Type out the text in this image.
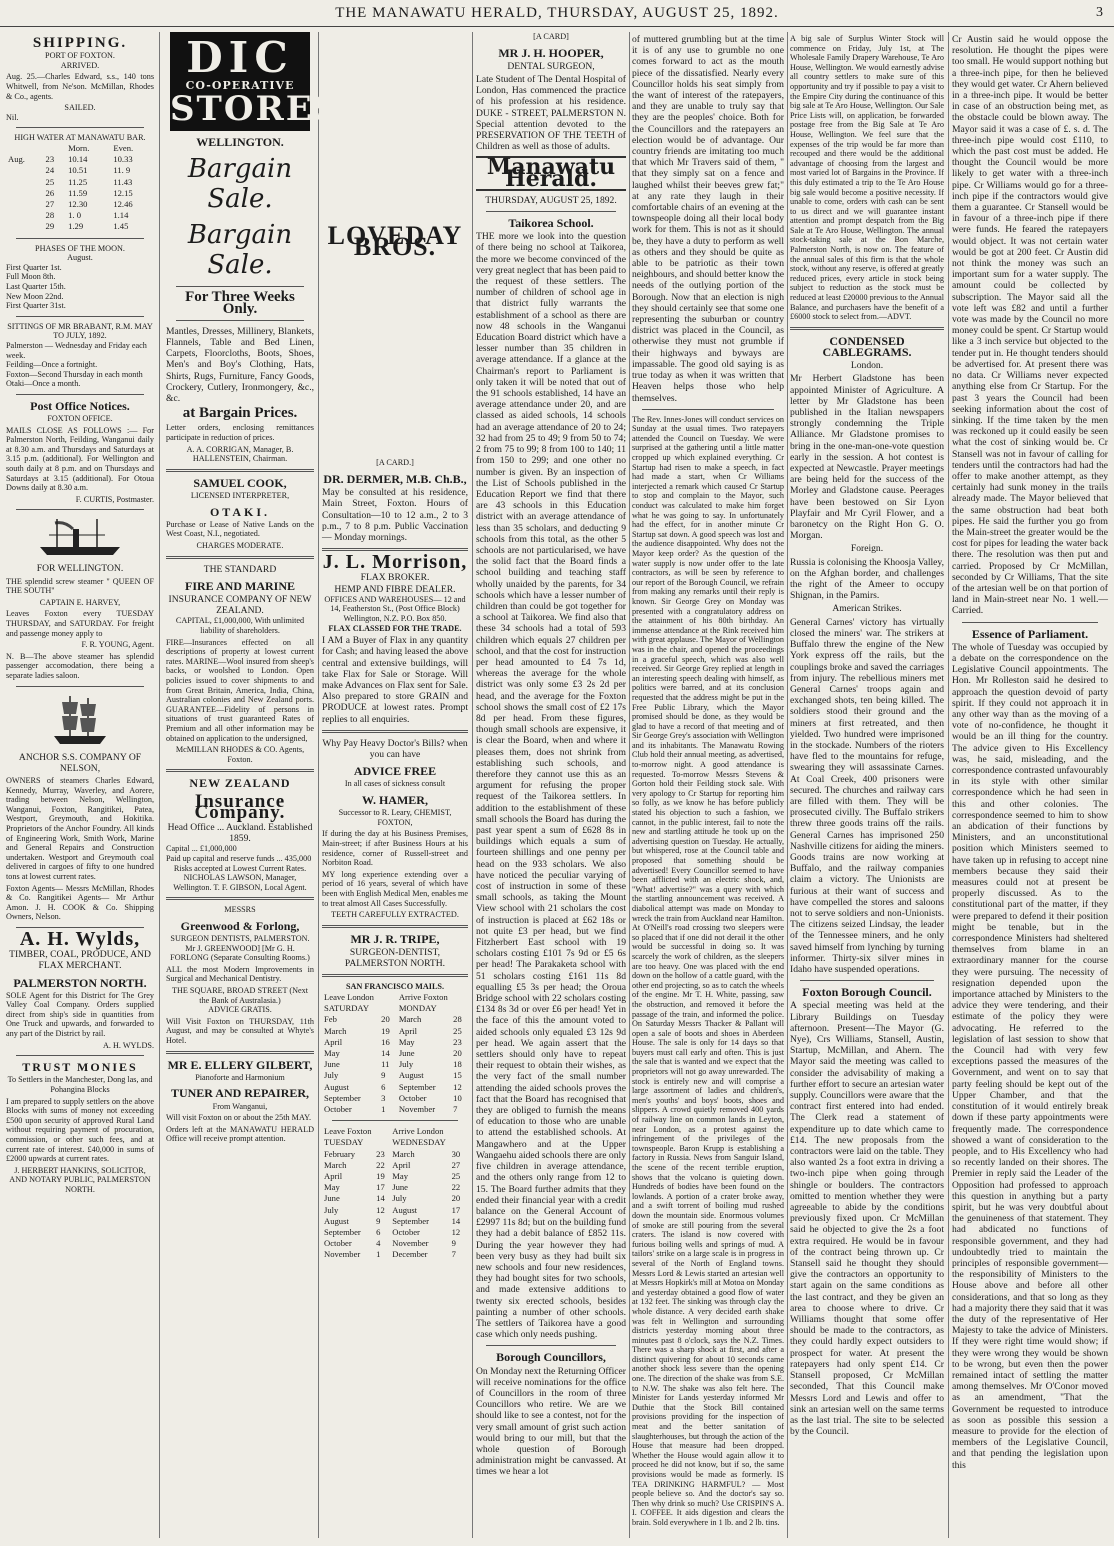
THE MANAWATU HERALD, THURSDAY, AUGUST 25, 1892.	3
SHIPPING.
PORT OF FOXTON.
ARRIVED.

Aug. 25.—Charles Edward, s.s., 140 tons Whitwell, from Ne'son. McMillan, Rhodes & Co., agents.

SAILED.
Nil.
HIGH WATER AT MANAWATU BAR.
		Morn.	Even.
Aug.	23	10.14	10.33
	24	10.51	11. 9
	25	11.25	11.43
	26	11.59	12.15
	27	12.30	12.46
	28	1. 0	1.14
	29	1.29	1.45
PHASES OF THE MOON.
August.
First Quarter 1st.
Full Moon 8th.
Last Quarter 15th.
New Moon 22nd.
First Quarter 31st.
SITTINGS OF MR BRABANT, R.M. MAY TO JULY, 1892.
Palmerston — Wednesday and Friday each week.
Feilding—Once a fortnight.
Foxton—Second Thursday in each month
Otaki—Once a month.
Post Office Notices.
FOXTON OFFICE.

MAILS CLOSE AS FOLLOWS :— For Palmerston North, Feilding, Wanganui daily at 8.30 a.m. and Thursdays and Saturdays at 3.15 p.m. (additional). For Wellington and south daily at 8 p.m. and on Thursdays and Saturdays at 3.15 (additional). For Otoua Downs daily at 8.30 a.m.

F. CURTIS, Postmaster.
FOR WELLINGTON.

THE splendid screw steamer " QUEEN OF THE SOUTH"

CAPTAIN E. HARVEY,

Leaves Foxton every TUESDAY THURSDAY, and SATURDAY. For freight and passenge money apply to

F. R. YOUNG, Agent.

N. B—The above steamer has splendid passenger accomodation, there being a separate ladies saloon.

ANCHOR S.S. COMPANY OF NELSON,

OWNERS of steamers Charles Edward, Kennedy, Murray, Waverley, and Aorere, trading between Nelson, Wellington, Wanganui, Foxton, Rangitikei, Patea, Westport, Greymouth, and Hokitika. Proprietors of the Anchor Foundry. All kinds of Engineering Work, Smith Work, Marine and General Repairs and Construction undertaken. Westport and Greymouth coal delivered in cargoes of fifty to one hundred tons at lowest current rates.

Foxton Agents— Messrs McMillan, Rhodes & Co. Rangitikei Agents— Mr Arthur Amon. J. H. COOK & Co. Shipping Owners, Nelson.

A. H. Wylds,
TIMBER, COAL, PRODUCE, AND FLAX MERCHANT.
PALMERSTON NORTH.

SOLE Agent for this District for The Grey Valley Coal Company. Orders supplied direct from ship's side in quantities from One Truck and upwards, and forwarded to any part of the District by rail.

A. H. WYLDS.
TRUST MONIES
To Settlers in the Manchester, Dong las, and Pohangina Blocks

I am prepared to supply settlers on the above Blocks with sums of money not exceeding £500 upon security of approved Rural Land without requiring payment of procuration, commission, or other such fees, and at current rate of interest. £40,000 in sums of £2000 upwards at current rates.

J. HERBERT HANKINS, SOLICITOR, AND NOTARY PUBLIC, PALMERSTON NORTH.
DIC
CO-OPERATIVE
STORES
WELLINGTON.
Bargain Sale.
Bargain Sale.
For Three Weeks Only.

Mantles, Dresses, Millinery, Blankets, Flannels, Table and Bed Linen, Carpets, Floorcloths, Boots, Shoes, Men's and Boy's Clothing, Hats, Shirts, Rugs, Furniture, Fancy Goods, Crockery, Cutlery, Ironmongery, &c., &c.

at Bargain Prices.

Letter orders, enclosing remittances participate in reduction of prices.

A. A. CORRIGAN, Manager, B. HALLENSTEIN, Chairman.
SAMUEL COOK,
LICENSED INTERPRETER,
OTAKI.

Purchase or Lease of Native Lands on the West Coast, N.I., negotiated.

CHARGES MODERATE.
THE STANDARD
FIRE AND MARINE
INSURANCE COMPANY OF NEW ZEALAND.
CAPITAL, £1,000,000, With unlimited liability of shareholders.

FIRE—Insurances effected on all descriptions of property at lowest current rates. MARINE—Wool insured from sheep's backs, or woolshed to London. Open policies issued to cover shipments to and from Great Britain, America, India, China, Australian colonies and New Zealand ports. GUARANTEE—Fidelity of persons in situations of trust guaranteed Rates of Premium and all other information may be obtained on application to the undersigned,

McMILLAN RHODES & CO. Agents, Foxton.
NEW ZEALAND
Insurance Company.
Head Office ... Auckland. Established 1859.
Capital ... £1,000,000
Paid up capital and reserve funds ... 435,000
Risks accepted at Lowest Current Rates.
NICHOLAS LAWSON, Manager, Wellington. T. F. GIBSON, Local Agent.
MESSRS
Greenwood & Forlong,
SURGEON DENTISTS, PALMERSTON.
Mr J. GREENWOOD] [Mr G. H. FORLONG (Separate Consulting Rooms.)

ALL the most Modern Improvements in Surgical and Mechanical Dentistry.

THE SQUARE, BROAD STREET (Next the Bank of Australasia.)
ADVICE GRATIS.

Will Visit Foxton on THURSDAY, 11th August, and may be consulted at Whyte's Hotel.

MR E. ELLERY GILBERT,
Pianoforte and Harmonium
TUNER AND REPAIRER,
From Wanganui,

Will visit Foxton on or about the 25th MAY.

Orders left at the MANAWATU HERALD Office will receive prompt attention.

LOVEDAY BROS.
[A CARD.]
DR. DERMER, M.B. Ch.B.,

May be consulted at his residence, Main Street, Foxton. Hours of Consultation—10 to 12 a.m., 2 to 3 p.m., 7 to 8 p.m. Public Vaccination — Monday mornings.

J. L. Morrison,
FLAX BROKER.
HEMP AND FIBRE DEALER.
OFFICES AND WAREHOUSES— 12 and 14, Featherston St., (Post Office Block) Wellington, N.Z. P.O. Box 850.
FLAX CLASSED FOR THE TRADE.

I AM a Buyer of Flax in any quantity for Cash; and having leased the above central and extensive buildings, will take Flax for Sale or Storage. Will make Advances on Flax sent for Sale. Also prepared to store GRAIN and PRODUCE at lowest rates. Prompt replies to all enquiries.

Why Pay Heavy Doctor's Bills? when you can have
ADVICE FREE
In all cases of sickness consult
W. HAMER,
Successor to R. Leary, CHEMIST, FOXTON,

If during the day at his Business Premises, Main-street; if after Business Hours at his residence, corner of Russell-street and Norbiton Road.

MY long experience extending over a period of 16 years, several of which have been with English Medical Men, enables me to treat almost All Cases Successfully.

TEETH CAREFULLY EXTRACTED.
MR J. R. TRIPE,
SURGEON-DENTIST,
PALMERSTON NORTH.
SAN FRANCISCO MAILS.
Leave London SATURDAY		Arrive Foxton MONDAY	
Feb	20	March	28
March	19	April	25
April	16	May	23
May	14	June	20
June	11	July	18
July	9	August	15
August	6	September	12
September	3	October	10
October	1	November	7
Leave Foxton TUESDAY		Arrive London WEDNESDAY	
February	23	March	30
March	22	April	27
April	19	May	25
May	17	June	22
June	14	July	20
July	12	August	17
August	9	September	14
September	6	October	12
October	4	November	9
November	1	December	7
[A CARD]
MR J. H. HOOPER,
DENTAL SURGEON,

Late Student of The Dental Hospital of London, Has commenced the practice of his profession at his residence. DUKE - STREET, PALMERSTON N. Special attention devoted to the PRESERVATION OF THE TEETH of Children as well as those of adults.

Manawatu Herald.
THURSDAY, AUGUST 25, 1892.
Taikorea School.

THE more we look into the question of there being no school at Taikorea, the more we become convinced of the very great neglect that has been paid to the request of these settlers. The number of children of school age in that district fully warrants the establishment of a school as there are now 48 schools in the Wanganui Education Board district which have a lesser number than 35 children in average attendance. If a glance at the Chairman's report to Parliament is only taken it will be noted that out of the 91 schools established, 14 have an average attendance under 20, and are classed as aided schools, 14 schools had an average attendance of 20 to 24; 32 had from 25 to 49; 9 from 50 to 74; 2 from 75 to 99; 8 from 100 to 140; 11 from 150 to 299; and one other no number is given. By an inspection of the List of Schools published in the Education Report we find that there are 43 schools in this Education district with an average attendance of less than 35 scholars, and deducting 9 schools from this total, as the other 5 schools are not particularised, we have the solid fact that the Board finds a school building and teaching staff wholly unaided by the parents, for 34 schools which have a lesser number of children than could be got together for a school at Taikorea. We find also that these 34 schools had a total of 593 children which equals 27 children per school, and that the cost for instruction per head amounted to £4 7s 1d, whereas the average for the whole district was only some £3 2s 2d per head, and the average for the Foxton school shows the small cost of £2 17s 8d per head. From these figures, though small schools are expensive, it is clear the Board, when and where it pleases them, does not shrink from establishing such schools, and therefore they cannot use this as an argument for refusing the proper request of the Taikorea settlers. In addition to the establishment of these small schools the Board has during the past year spent a sum of £628 8s in buildings which equals a sum of fourteen shillings and one penny per head on the 933 scholars. We also have noticed the peculiar varying of cost of instruction in some of these small schools, as taking the Mount View school with 21 scholars the cost of instruction is placed at £62 18s or not quite £3 per head, but we find Fitzherbert East school with 19 scholars costing £101 7s 9d or £5 6s per head! The Parakaketa school with 51 scholars costing £161 11s 8d equalling £5 3s per head; the Oroua Bridge school with 22 scholars costing £134 8s 3d or over £6 per head! Yet in the face of this the amount voted to aided schools only equaled £3 12s 9d per head. We again assert that the settlers should only have to repeat their request to obtain their wishes, as the very fact of the small number attending the aided schools proves the fact that the Board has recognised that they are obliged to furnish the means of education to those who are unable to attend the established schools. At Mangawhero and at the Upper Wangaehu aided schools there are only five children in average attendance, and the others only range from 12 to 15. The Board further admits that they ended their financial year with a credit balance on the General Account of £2997 11s 8d; but on the building fund they had a debit balance of £852 11s. During the year however they had been very busy as they had built six new schools and four new residences, they had bought sites for two schools, and made extensive additions to twenty six erected schools, besides painting a number of other schools. The settlers of Taikorea have a good case which only needs pushing.

Borough Councillors,

On Monday next the Returning Officer will receive nominations for the office of Councillors in the room of three Councillors who retire. We are we should like to see a contest, not for the very small amount of grist such action would bring to our mill, but that the whole question of Borough administration might be canvassed. At times we hear a lot

of muttered grumbling but at the time it is of any use to grumble no one comes forward to act as the mouth piece of the dissatisfied. Nearly every Councillor holds his seat simply from the want of interest of the ratepayers, and they are unable to truly say that they are the peoples' choice. Both for the Councillors and the ratepayers an election would be of advantage. Our country friends are imitating too much that which Mr Travers said of them, " that they simply sat on a fence and laughed whilst their beeves grew fat;" at any rate they laugh in their comfortable chairs of an evening at the townspeople doing all their local body work for them. This is not as it should be, they have a duty to perform as well as others and they should be quite as able to be patriotic as their town neighbours, and should better know the needs of the outlying portion of the Borough. Now that an election is nigh they should certainly see that some one representing the suburban or country district was placed in the Council, as otherwise they must not grumble if their highways and byways are impassable. The good old saying is as true today as when it was written that Heaven helps those who help themselves.

The Rev. Innes-Jones will conduct services on Sunday at the usual times. Two ratepayers attended the Council on Tuesday. We were surprised at the gathering until a little matter cropped up which explained everything. Cr Startup had risen to make a speech, in fact had made a start, when Cr Williams interjected a remark which caused Cr Startup to stop and complain to the Mayor, such conduct was calculated to make him forget what he was going to say. In unfortunately had the effect, for in another minute Cr Startup sat down. A good speech was lost and the audience disappointed. Why does not the Mayor keep order? As the question of the water supply is now under offer to the late contractors, as will be seen by reference to our report of the Borough Council, we refrain from making any remarks until their reply is known. Sir George Grey on Monday was presented with a congratulatory address on the attainment of his 80th birthday. An immense attendance at the Rink received him with great applause. The Mayor of Wellington was in the chair, and opened the proceedings in a graceful speech, which was also well received. Sir George Grey replied at length in an interesting speech dealing with himself, as politics were barred, and at its conclusion requested that the address might be put in the Free Public Library, which the Mayor promised should be done, as they would be glad to have a record of that meeting and of Sir George Grey's association with Wellington and its inhabitants. The Manawatu Rowing Club hold their annual meeting, as advertised, to-morrow night. A good attendance is requested. To-morrow Messrs Stevens & Gorton hold their Feilding stock sale. With very apology to Cr Startup for reporting him so folly, as we know he has before publicly stated his objection to such a fashion, we cannot, in the public interest, fail to note the new and startling attitude he took up on the advertising question on Tuesday. He actually, but whispered, rose at the Council table and proposed that something should be advertised! Every Councillor seemed to have been afflicted with an electric shock, and, "What! advertise?" was a query with which the startling announcement was received. A diabolical attempt was made on Monday to wreck the train from Auckland near Hamilton. At O'Neill's road crossing two sleepers were so placed that if one did not derail it the other would be successful in doing so. It was scarcely the work of children, as the sleepers are too heavy. One was placed with the end down on the hollow of a cattle guard, with the other end projecting, so as to catch the wheels of the engine. Mr T. H. White, passing, saw the obstruction, and removed it before the passage of the train, and informed the police. On Saturday Messrs Thacker & Pallant will open a sale of boots and shoes in Aberdeen House. The sale is only for 14 days so that buyers must call early and often. This is just the sale that is wanted and we expect that the proprietors will not go away unrewarded. The stock is entirely new and will comprise a large assortment of ladies and children's, men's youths' and boys' boots, shoes and slippers. A crowd quietly removed 400 yards of railway line on common lands in Leyton, near London, as a protest against the infringement of the privileges of the townspeople. Baron Krupp is establishing a factory in Russia. News from Sanguir Island, the scene of the recent terrible eruption, shows that the volcano is quieting down. Hundreds of bodies have been found on the lowlands. A portion of a crater broke away, and a swift torrent of boiling mud rushed down the mountain side. Enormous volumes of smoke are still pouring from the several craters. The island is now covered with furious boiling wells and springs of mud. A tailors' strike on a large scale is in progress in several of the North of England towns. Messrs Lord & Lewis started an artesian well at Messrs Hopkirk's mill at Motoa on Monday and yesterday obtained a good flow of water at 132 feet. The sinking was through clay the whole distance. A very decided earth shake was felt in Wellington and surrounding districts yesterday morning about three minutes past 8 o'clock, says the N.Z. Times. There was a sharp shock at first, and after a distinct quivering for about 10 seconds came another shock less severe than the opening one. The direction of the shake was from S.E. to N.W. The shake was also felt here. The Minister for Lands yesterday informed Mr Duthie that the Stock Bill contained provisions providing for the inspection of meat and the better sanitation of slaughterhouses, but through the action of the House that measure had been dropped. Whether the House would again allow it to proceed he did not know, but if so, the same provisions would be made as formerly. IS TEA DRINKING HARMFUL? — Most people believe so. And the doctor's say so. Then why drink so much? Use CRISPIN'S A. I. COFFEE. It aids digestion and clears the brain. Sold everywhere in 1 lb. and 2 lb. tins.

A big sale of Surplus Winter Stock will commence on Friday, July 1st, at The Wholesale Family Drapery Warehouse, Te Aro House, Wellington. We would earnestly advise all country settlers to make sure of this opportunity and try if possible to pay a visit to the Empire City during the continuance of this big sale at Te Aro House, Wellington. Our Sale Price Lists will, on application, be forwarded postage free from the Big Sale at Te Aro House, Wellington. We feel sure that the expenses of the trip would be far more than recouped and there would be the additional advantage of choosing from the largest and most varied lot of Bargains in the Province. If this duly estimated a trip to the Te Aro House big sale would become a positive necessity. If unable to come, orders with cash can be sent to us direct and we will guarantee instant attention and prompt despatch from the Big Sale at Te Aro House, Wellington. The annual stock-taking sale at the Bon Marche, Palmerston North, is now on. The feature of the annual sales of this firm is that the whole stock, without any reserve, is offered at greatly reduced prices, every article in stock being subject to reduction as the stock must be reduced at least £20000 previous to the Annual Balance, and purchasers have the benefit of a £6000 stock to select from.—ADVT.

CONDENSED CABLEGRAMS.
London.

Mr Herbert Gladstone has been appointed Minister of Agriculture. A letter by Mr Gladstone has been published in the Italian newspapers strongly condemning the Triple Alliance. Mr Gladstone promises to bring in the one-man-one-vote question early in the session. A hot contest is expected at Newcastle. Prayer meetings are being held for the success of the Morley and Gladstone cause. Peerages have been bestowed on Sir Lyon Playfair and Mr Cyril Flower, and a baronetcy on the Right Hon G. O. Morgan.

Foreign.

Russia is colonising the Khoosja Valley, on the Afghan border, and challenges the right of the Ameer to occupy Shignan, in the Pamirs.

American Strikes.

General Carnes' victory has virtually closed the miners' war. The strikers at Buffalo threw the engine of the New York express off the rails, but the couplings broke and saved the carriages from injury. The rebellious miners met General Carnes' troops again and exchanged shots, ten being killed. The soldiers stood their ground and the miners at first retreated, and then yielded. Two hundred were imprisoned in the stockade. Numbers of the rioters have fled to the mountains for refuge, swearing they will assassinate Carnes. At Coal Creek, 400 prisoners were secured. The churches and railway cars are filled with them. They will be prosecuted civilly. The Buffalo strikers threw three goods trains off the rails. General Carnes has imprisoned 250 Nashville citizens for aiding the miners. Goods trains are now working at Buffalo, and the railway companies claim a victory. The Unionists are furious at their want of success and have compelled the stores and saloons not to serve soldiers and non-Unionists. The citizens seized Lindsay, the leader of the Tennessee miners, and he only saved himself from lynching by turning informer. Thirty-six silver mines in Idaho have suspended operations.

Foxton Borough Council.

A special meeting was held at the Library Buildings on Tuesday afternoon. Present—The Mayor (G. Nye), Crs Williams, Stansell, Austin, Startup, McMillan, and Ahern. The Mayor said the meeting was called to consider the advisability of making a further effort to secure an artesian water supply. Councillors were aware that the contract first entered into had ended. The Clerk read a statement of expenditure up to date which came to £14. The new proposals from the contractors were laid on the table. They also wanted 2s a foot extra in driving a two-inch pipe when going through shingle or boulders. The contractors omitted to mention whether they were agreeable to abide by the conditions previously fixed upon. Cr McMillan said he objected to give the 2s a foot extra required. He would be in favour of the contract being thrown up. Cr Stansell said he thought they should give the contractors an opportunity to start again on the same conditions as the last contract, and they be given an area to choose where to drive. Cr Williams thought that some offer should be made to the contractors, as they could hardly expect outsiders to prospect for water. At present the ratepayers had only spent £14. Cr Stansell proposed, Cr McMillan seconded, That this Council make Messrs Lord and Lewis and offer to sink an artesian well on the same terms as the last trial. The site to be selected by the Council.

Cr Austin said he would oppose the resolution. He thought the pipes were too small. He would support nothing but a three-inch pipe, for then he believed they would get water. Cr Ahern believed in a three-inch pipe. It would be better in case of an obstruction being met, as the obstacle could be blown away. The Mayor said it was a case of £. s. d. The three-inch pipe would cost £110, to which the past cost must be added. He thought the Council would be more likely to get water with a three-inch pipe. Cr Williams would go for a three-inch pipe if the contractors would give them a guarantee. Cr Stansell would be in favour of a three-inch pipe if there were funds. He feared the ratepayers would object. It was not certain water would be got at 200 feet. Cr Austin did not think the money was such an important sum for a water supply. The amount could be collected by subscription. The Mayor said all the vote left was £82 and until a further vote was made by the Council no more money could be spent. Cr Startup would like a 3 inch service but objected to the tender put in. He thought tenders should be advertised for. At present there was no data. Cr Williams never expected anything else from Cr Startup. For the past 3 years the Council had been seeking information about the cost of sinking. If the time taken by the men was reckoned up it could easily be seen what the cost of sinking would be. Cr Stansell was not in favour of calling for tenders until the contractors had had the offer to make another attempt, as they certainly had sunk money in the trails already made. The Mayor believed that the same obstruction had beat both pipes. He said the further you go from the Main-street the greater would be the cost for pipes for leading the water back there. The resolution was then put and carried. Proposed by Cr McMillan, seconded by Cr Williams, That the site of the artesian well be on that portion of land in Main-street near No. 1 well.—Carried.

Essence of Parliament.

The whole of Tuesday was occupied by a debate on the correspondence on the Legislative Council appointments. The Hon. Mr Rolleston said he desired to approach the question devoid of party spirit. If they could not approach it in any other way than as the moving of a vote of no-confidence, he thought it would be an ill thing for the country. The advice given to His Excellency was, he said, misleading, and the correspondence contrasted unfavourably in its style with other similar correspondence which he had seen in this and other colonies. The correspondence seemed to him to show an abdication of their functions by Ministers, and an unconstitutional position which Ministers seemed to have taken up in refusing to accept nine members because they said their measures could not at present be properly discussed. As to the constitutional part of the matter, if they were prepared to defend it their position might be tenable, but in the correspondence Ministers had sheltered themselves from blame in an extraordinary manner for the course they were pursuing. The necessity of resignation depended upon the importance attached by Ministers to the advice they were tendering, and their estimate of the policy they were advocating. He referred to the legislation of last session to show that the Council had with very few exceptions passed the measures of the Government, and went on to say that party feeling should be kept out of the Upper Chamber, and that the constitution of it would entirely break down if these party appointments were frequently made. The correspondence showed a want of consideration to the people, and to His Excellency who had so recently landed on their shores. The Premier in reply said the Leader of the Opposition had professed to approach this question in anything but a party spirit, but he was very doubtful about the genuineness of that statement. They had abdicated no functions of responsible government, and they had undoubtedly tried to maintain the principles of responsible government—the responsibility of Ministers to the House above and before all other considerations, and that so long as they had a majority there they said that it was the duty of the representative of Her Majesty to take the advice of Ministers. If they were right time would show; if they were wrong they would be shown to be wrong, but even then the power remained intact of settling the matter among themselves. Mr O'Conor moved as an amendment, "That the Government be requested to introduce as soon as possible this session a measure to provide for the election of members of the Legislative Council, and that pending the legislation upon this
